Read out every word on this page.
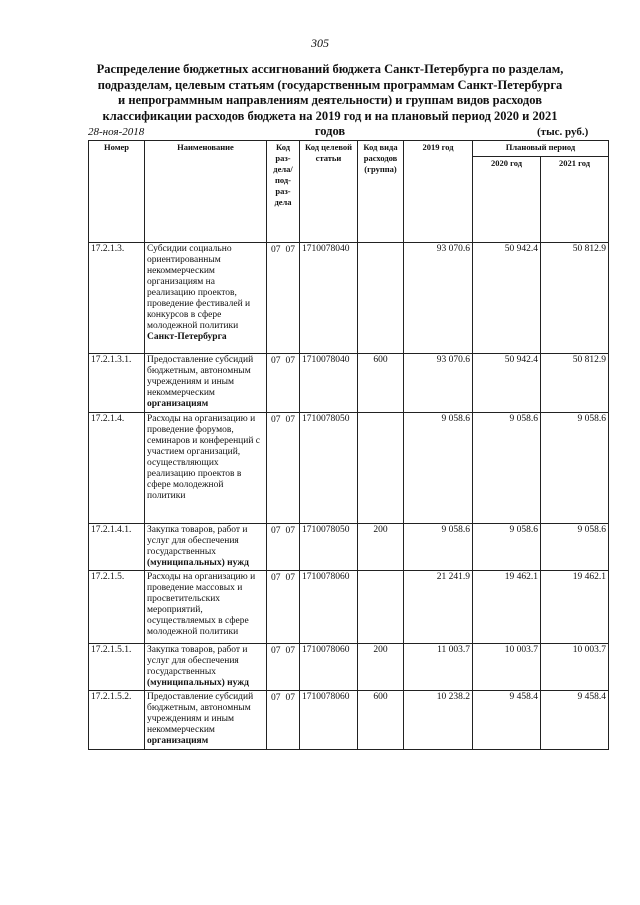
305
Распределение бюджетных ассигнований бюджета Санкт-Петербурга по разделам,
подразделам, целевым статьям (государственным программам Санкт-Петербурга
и непрограммным направлениям деятельности) и группам видов расходов
классификации расходов бюджета на 2019 год и на плановый период 2020 и 2021 годов
28-ноя-2018	(тыс. руб.)
Номер	Наименование	Код раз-дела/ под-раз-дела	Код целевой статьи	Код вида расходов (группа)	2019 год	Плановый период	
						2020 год	2021 год
17.2.1.3.	Субсидии социально ориентированным некоммерческим организациям на реализацию проектов, проведение фестивалей и конкурсов в сфере молодежной политики Санкт-Петербурга	07 07	1710078040		93 070.6	50 942.4	50 812.9
17.2.1.3.1.	Предоставление субсидий бюджетным, автономным учреждениям и иным некоммерческим организациям	07 07	1710078040	600	93 070.6	50 942.4	50 812.9
17.2.1.4.	Расходы на организацию и проведение форумов, семинаров и конференций с участием организаций, осуществляющих реализацию проектов в сфере молодежной политики	07 07	1710078050		9 058.6	9 058.6	9 058.6
17.2.1.4.1.	Закупка товаров, работ и услуг для обеспечения государственных (муниципальных) нужд	07 07	1710078050	200	9 058.6	9 058.6	9 058.6
17.2.1.5.	Расходы на организацию и проведение массовых и просветительских мероприятий, осуществляемых в сфере молодежной политики	07 07	1710078060		21 241.9	19 462.1	19 462.1
17.2.1.5.1.	Закупка товаров, работ и услуг для обеспечения государственных (муниципальных) нужд	07 07	1710078060	200	11 003.7	10 003.7	10 003.7
17.2.1.5.2.	Предоставление субсидий бюджетным, автономным учреждениям и иным некоммерческим организациям	07 07	1710078060	600	10 238.2	9 458.4	9 458.4
